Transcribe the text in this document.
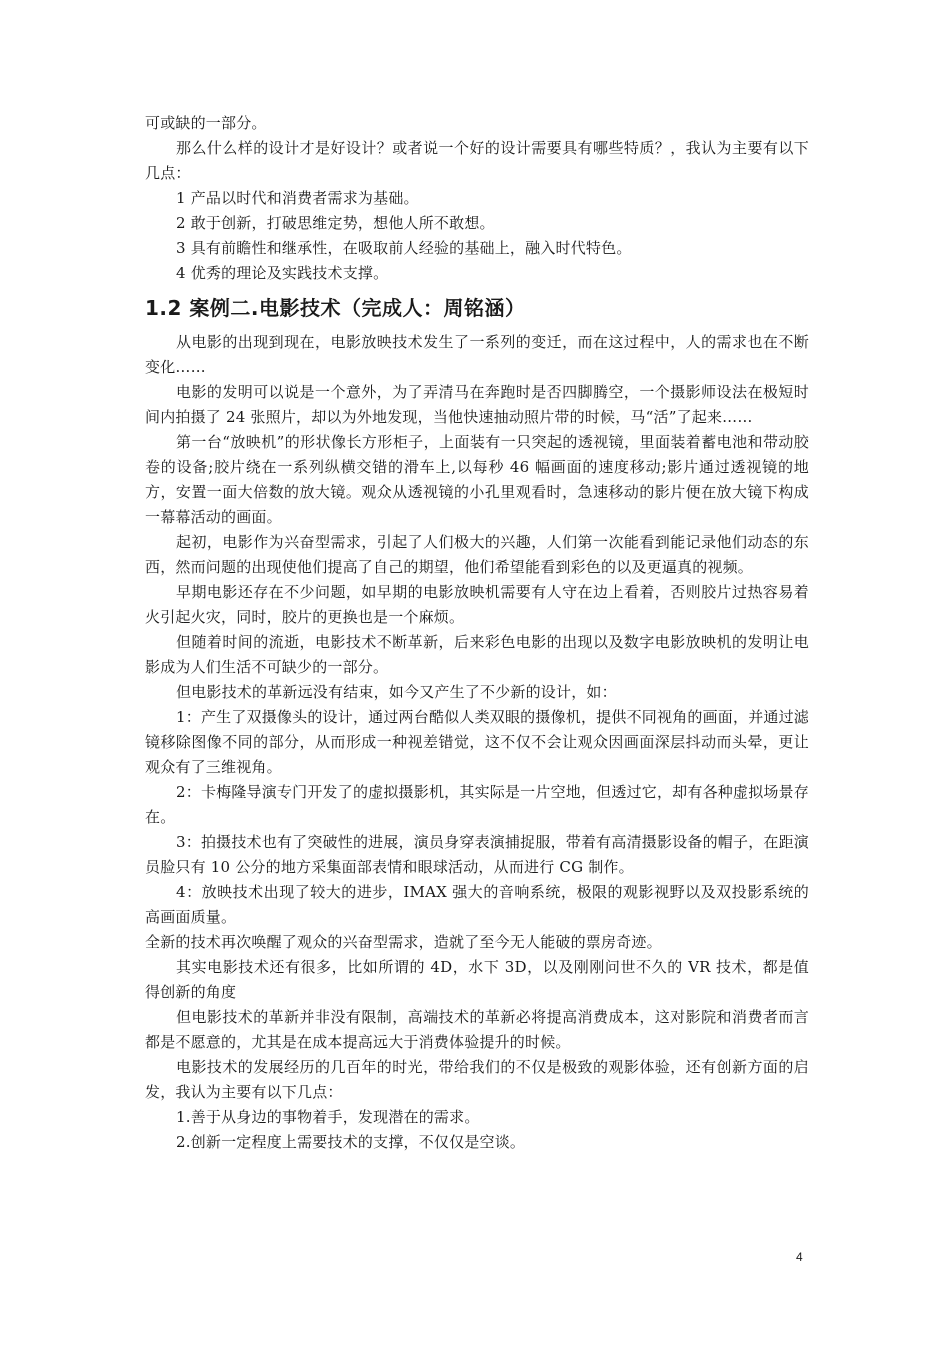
可或缺的一部分。

那么什么样的设计才是好设计？或者说一个好的设计需要具有哪些特质？，我认为主要有以下几点：

1 产品以时代和消费者需求为基础。

2 敢于创新，打破思维定势，想他人所不敢想。

3 具有前瞻性和继承性，在吸取前人经验的基础上，融入时代特色。

4 优秀的理论及实践技术支撑。

1.2 案例二.电影技术（完成人：周铭涵）

从电影的出现到现在，电影放映技术发生了一系列的变迁，而在这过程中，人的需求也在不断变化……

电影的发明可以说是一个意外，为了弄清马在奔跑时是否四脚腾空，一个摄影师设法在极短时间内拍摄了 24 张照片，却以为外地发现，当他快速抽动照片带的时候，马“活”了起来……

第一台“放映机”的形状像长方形柜子，上面装有一只突起的透视镜，里面装着蓄电池和带动胶卷的设备;胶片绕在一系列纵横交错的滑车上,以每秒 46 幅画面的速度移动;影片通过透视镜的地方，安置一面大倍数的放大镜。观众从透视镜的小孔里观看时，急速移动的影片便在放大镜下构成一幕幕活动的画面。

起初，电影作为兴奋型需求，引起了人们极大的兴趣，人们第一次能看到能记录他们动态的东西，然而问题的出现使他们提高了自己的期望，他们希望能看到彩色的以及更逼真的视频。

早期电影还存在不少问题，如早期的电影放映机需要有人守在边上看着，否则胶片过热容易着火引起火灾，同时，胶片的更换也是一个麻烦。

但随着时间的流逝，电影技术不断革新，后来彩色电影的出现以及数字电影放映机的发明让电影成为人们生活不可缺少的一部分。

但电影技术的革新远没有结束，如今又产生了不少新的设计，如：

1：产生了双摄像头的设计，通过两台酷似人类双眼的摄像机，提供不同视角的画面，并通过滤镜移除图像不同的部分，从而形成一种视差错觉，这不仅不会让观众因画面深层抖动而头晕，更让观众有了三维视角。

2：卡梅隆导演专门开发了的虚拟摄影机，其实际是一片空地，但透过它，却有各种虚拟场景存在。

3：拍摄技术也有了突破性的进展，演员身穿表演捕捉服，带着有高清摄影设备的帽子，在距演员脸只有 10 公分的地方采集面部表情和眼球活动，从而进行 CG 制作。

4：放映技术出现了较大的进步，IMAX 强大的音响系统，极限的观影视野以及双投影系统的高画面质量。

全新的技术再次唤醒了观众的兴奋型需求，造就了至今无人能破的票房奇迹。

其实电影技术还有很多，比如所谓的 4D，水下 3D，以及刚刚问世不久的 VR 技术，都是值得创新的角度

但电影技术的革新并非没有限制，高端技术的革新必将提高消费成本，这对影院和消费者而言都是不愿意的，尤其是在成本提高远大于消费体验提升的时候。

电影技术的发展经历的几百年的时光，带给我们的不仅是极致的观影体验，还有创新方面的启发，我认为主要有以下几点：

1.善于从身边的事物着手，发现潜在的需求。

2.创新一定程度上需要技术的支撑，不仅仅是空谈。

4
